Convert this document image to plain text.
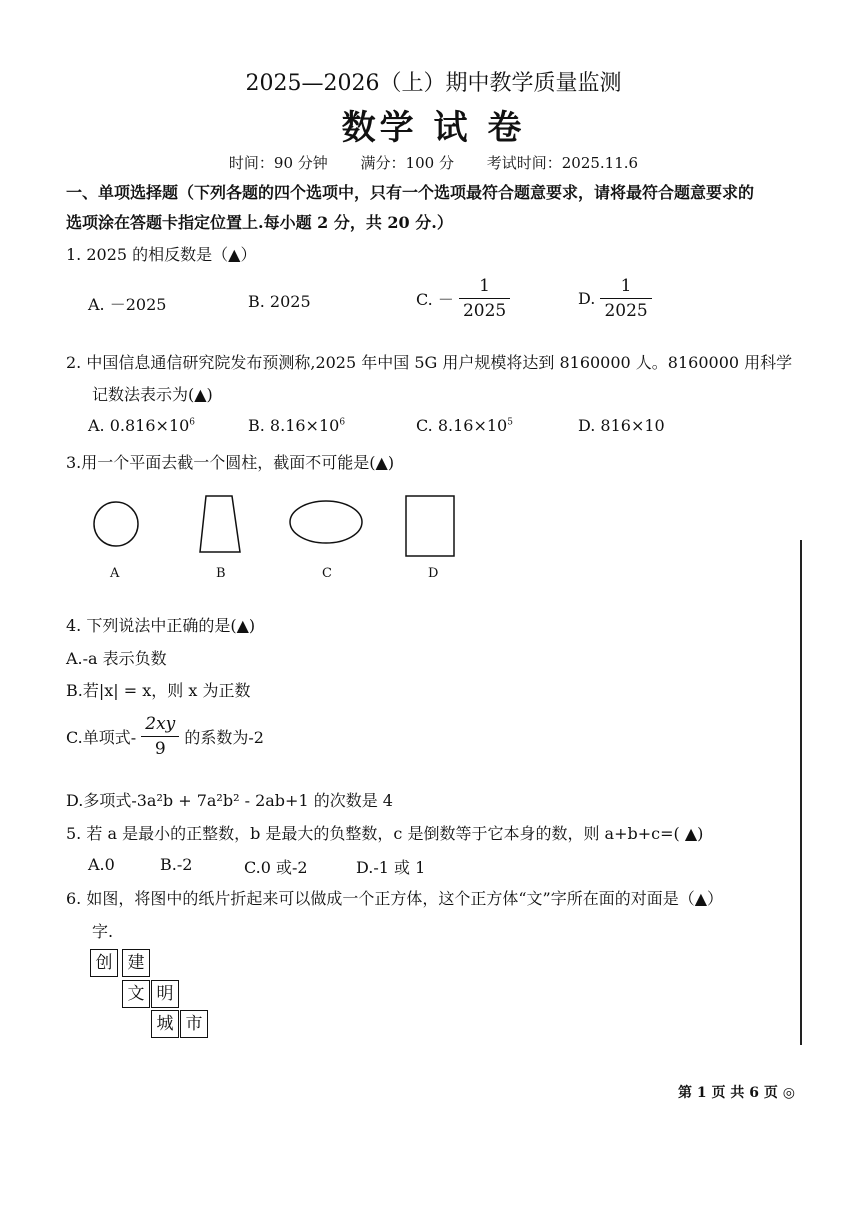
2025—2026（上）期中教学质量监测
数学 试 卷
时间：90 分钟 满分：100 分 考试时间：2025.11.6
一、单项选择题（下列各题的四个选项中，只有一个选项最符合题意要求，请将最符合题意要求的
选项涂在答题卡指定位置上.每小题 2 分，共 20 分.）
1. 2025 的相反数是（▲）
A. －2025	B. 2025	C. － $\frac{1}{2025}$	D. $\frac{1}{2025}$
2. 中国信息通信研究院发布预测称,2025 年中国 5G 用户规模将达到 8160000 人。8160000 用科学
记数法表示为(▲)
A. $0.816\times 10^6$	B. $8.16\times 10^6$	C. $8.16\times 10^5$	D. 816×10
3.用一个平面去截一个圆柱，截面不可能是(▲)
A	B	C	D
4. 下列说法中正确的是(▲)
A.-a 表示负数
B.若|x| = x，则 x 为正数
C.单项式- $\frac{2xy}{9}$ 的系数为-2
D.多项式-3a²b + 7a²b² - 2ab+1 的次数是 4
5. 若 a 是最小的正整数，b 是最大的负整数，c 是倒数等于它本身的数，则 a+b+c=( ▲)
A.0	B.-2	C.0 或-2	D.-1 或 1
6. 如图，将图中的纸片折起来可以做成一个正方体，这个正方体“文”字所在面的对面是（▲）
字.
创 建
文 明
城 市
第 1 页 共 6 页 ◎
